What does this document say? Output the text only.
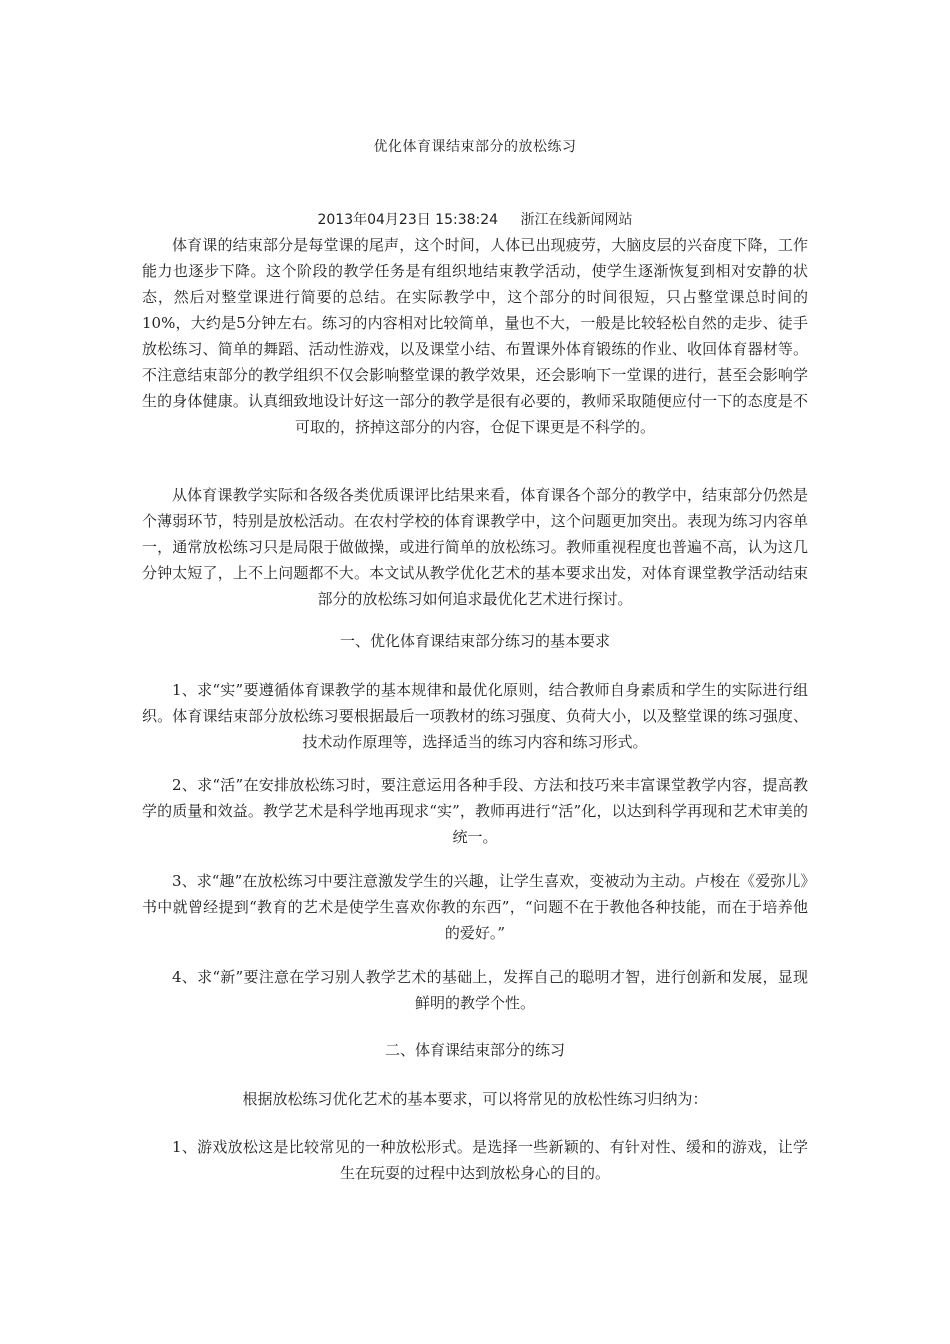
优化体育课结束部分的放松练习
2013年04月23日 15:38:24 浙江在线新闻网站

体育课的结束部分是每堂课的尾声，这个时间，人体已出现疲劳，大脑皮层的兴奋度下降，工作能力也逐步下降。这个阶段的教学任务是有组织地结束教学活动，使学生逐渐恢复到相对安静的状态，然后对整堂课进行简要的总结。在实际教学中，这个部分的时间很短，只占整堂课总时间的10%，大约是5分钟左右。练习的内容相对比较简单，量也不大，一般是比较轻松自然的走步、徒手放松练习、简单的舞蹈、活动性游戏，以及课堂小结、布置课外体育锻练的作业、收回体育器材等。不注意结束部分的教学组织不仅会影响整堂课的教学效果，还会影响下一堂课的进行，甚至会影响学生的身体健康。认真细致地设计好这一部分的教学是很有必要的，教师采取随便应付一下的态度是不可取的，挤掉这部分的内容，仓促下课更是不科学的。

从体育课教学实际和各级各类优质课评比结果来看，体育课各个部分的教学中，结束部分仍然是个薄弱环节，特别是放松活动。在农村学校的体育课教学中，这个问题更加突出。表现为练习内容单一，通常放松练习只是局限于做做操，或进行简单的放松练习。教师重视程度也普遍不高，认为这几分钟太短了，上不上问题都不大。本文试从教学优化艺术的基本要求出发，对体育课堂教学活动结束部分的放松练习如何追求最优化艺术进行探讨。

一、优化体育课结束部分练习的基本要求

1、求“实”要遵循体育课教学的基本规律和最优化原则，结合教师自身素质和学生的实际进行组织。体育课结束部分放松练习要根据最后一项教材的练习强度、负荷大小，以及整堂课的练习强度、技术动作原理等，选择适当的练习内容和练习形式。

2、求“活”在安排放松练习时，要注意运用各种手段、方法和技巧来丰富课堂教学内容，提高教学的质量和效益。教学艺术是科学地再现求“实”，教师再进行“活”化，以达到科学再现和艺术审美的统一。

3、求“趣”在放松练习中要注意激发学生的兴趣，让学生喜欢，变被动为主动。卢梭在《爱弥儿》书中就曾经提到“教育的艺术是使学生喜欢你教的东西”，“问题不在于教他各种技能，而在于培养他的爱好。”

4、求“新”要注意在学习别人教学艺术的基础上，发挥自己的聪明才智，进行创新和发展，显现鲜明的教学个性。

二、体育课结束部分的练习

根据放松练习优化艺术的基本要求，可以将常见的放松性练习归纳为：

1、游戏放松这是比较常见的一种放松形式。是选择一些新颖的、有针对性、缓和的游戏，让学生在玩耍的过程中达到放松身心的目的。
